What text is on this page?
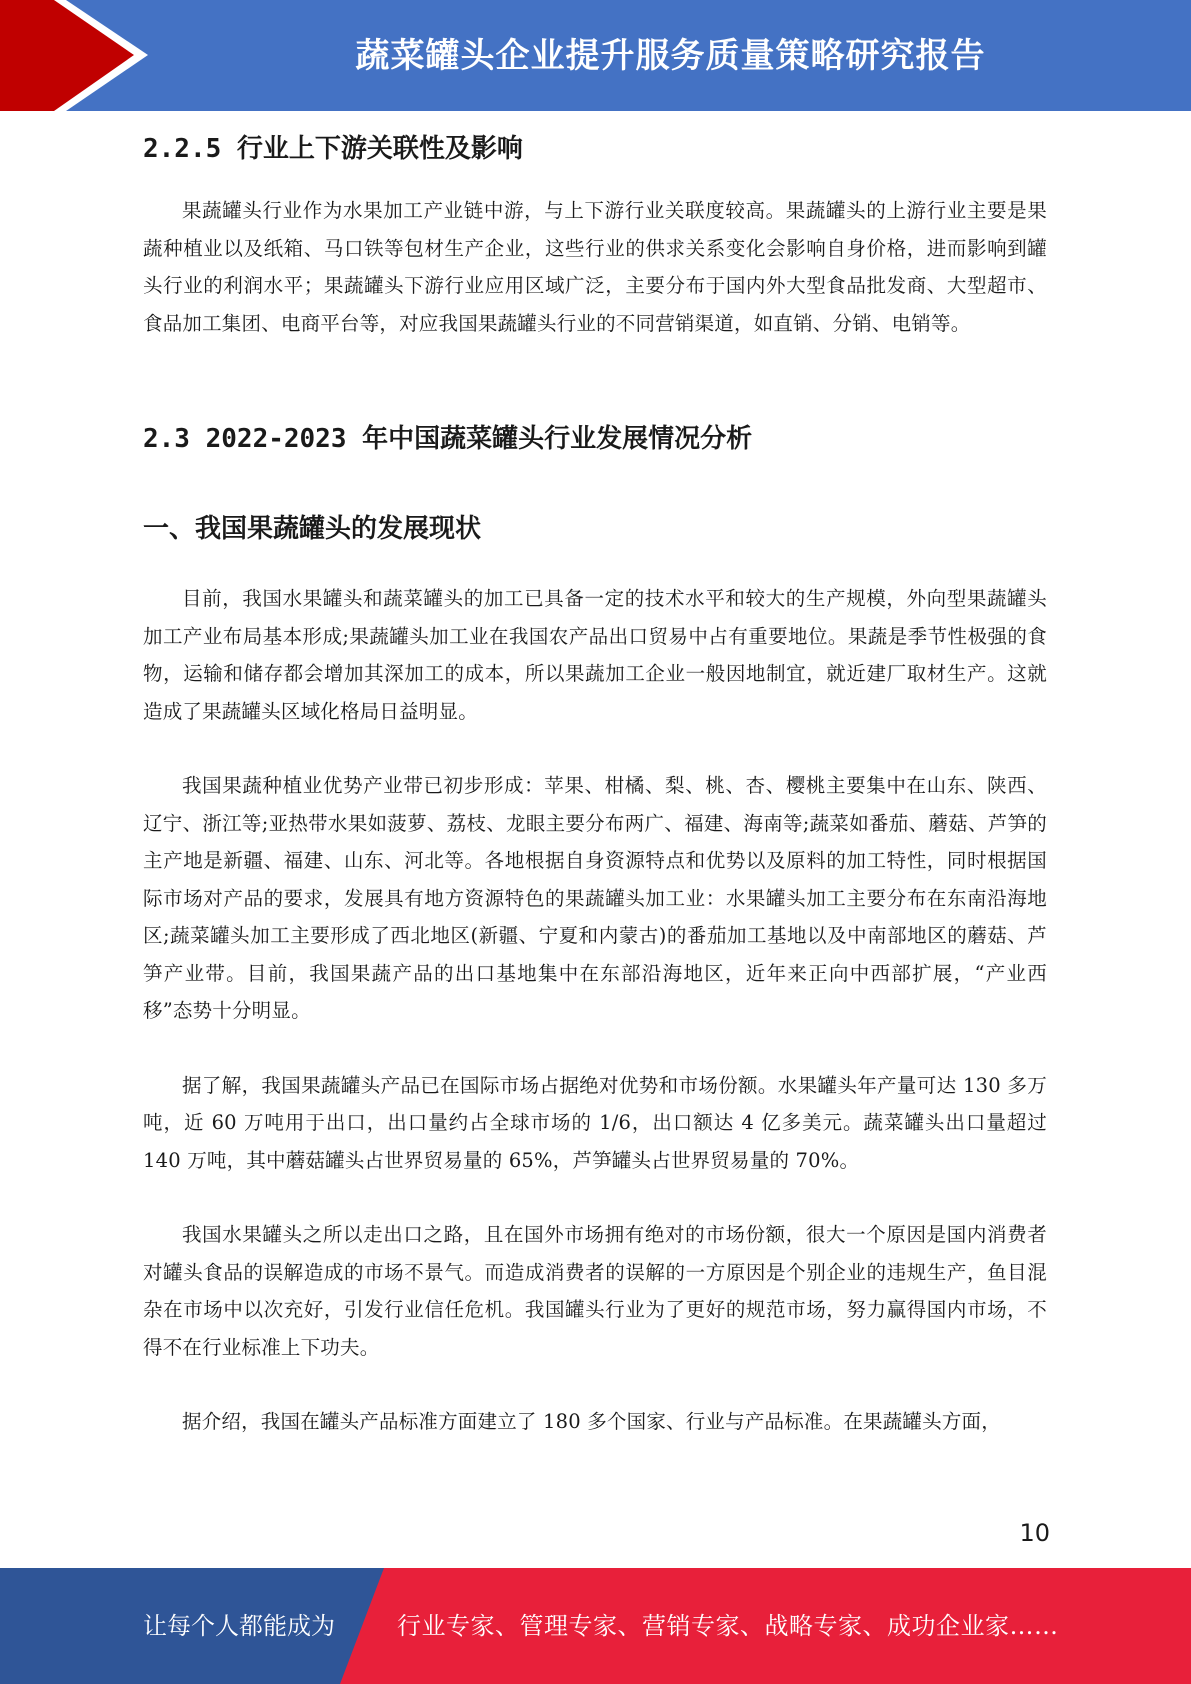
蔬菜罐头企业提升服务质量策略研究报告
2.2.5 行业上下游关联性及影响

果蔬罐头行业作为水果加工产业链中游，与上下游行业关联度较高。果蔬罐头的上游行业主要是果蔬种植业以及纸箱、马口铁等包材生产企业，这些行业的供求关系变化会影响自身价格，进而影响到罐头行业的利润水平；果蔬罐头下游行业应用区域广泛，主要分布于国内外大型食品批发商、大型超市、食品加工集团、电商平台等，对应我国果蔬罐头行业的不同营销渠道，如直销、分销、电销等。

2.3 2022-2023 年中国蔬菜罐头行业发展情况分析
一、我国果蔬罐头的发展现状

目前，我国水果罐头和蔬菜罐头的加工已具备一定的技术水平和较大的生产规模，外向型果蔬罐头加工产业布局基本形成;果蔬罐头加工业在我国农产品出口贸易中占有重要地位。果蔬是季节性极强的食物，运输和储存都会增加其深加工的成本，所以果蔬加工企业一般因地制宜，就近建厂取材生产。这就造成了果蔬罐头区域化格局日益明显。

我国果蔬种植业优势产业带已初步形成：苹果、柑橘、梨、桃、杏、樱桃主要集中在山东、陕西、辽宁、浙江等;亚热带水果如菠萝、荔枝、龙眼主要分布两广、福建、海南等;蔬菜如番茄、蘑菇、芦笋的主产地是新疆、福建、山东、河北等。各地根据自身资源特点和优势以及原料的加工特性，同时根据国际市场对产品的要求，发展具有地方资源特色的果蔬罐头加工业：水果罐头加工主要分布在东南沿海地区;蔬菜罐头加工主要形成了西北地区(新疆、宁夏和内蒙古)的番茄加工基地以及中南部地区的蘑菇、芦笋产业带。目前，我国果蔬产品的出口基地集中在东部沿海地区，近年来正向中西部扩展，“产业西移”态势十分明显。

据了解，我国果蔬罐头产品已在国际市场占据绝对优势和市场份额。水果罐头年产量可达 130 多万吨，近 60 万吨用于出口，出口量约占全球市场的 1/6，出口额达 4 亿多美元。蔬菜罐头出口量超过 140 万吨，其中蘑菇罐头占世界贸易量的 65%，芦笋罐头占世界贸易量的 70%。

我国水果罐头之所以走出口之路，且在国外市场拥有绝对的市场份额，很大一个原因是国内消费者对罐头食品的误解造成的市场不景气。而造成消费者的误解的一方原因是个别企业的违规生产，鱼目混杂在市场中以次充好，引发行业信任危机。我国罐头行业为了更好的规范市场，努力赢得国内市场，不得不在行业标准上下功夫。

据介绍，我国在罐头产品标准方面建立了 180 多个国家、行业与产品标准。在果蔬罐头方面，

10
让每个人都能成为	行业专家、管理专家、营销专家、战略专家、成功企业家……
